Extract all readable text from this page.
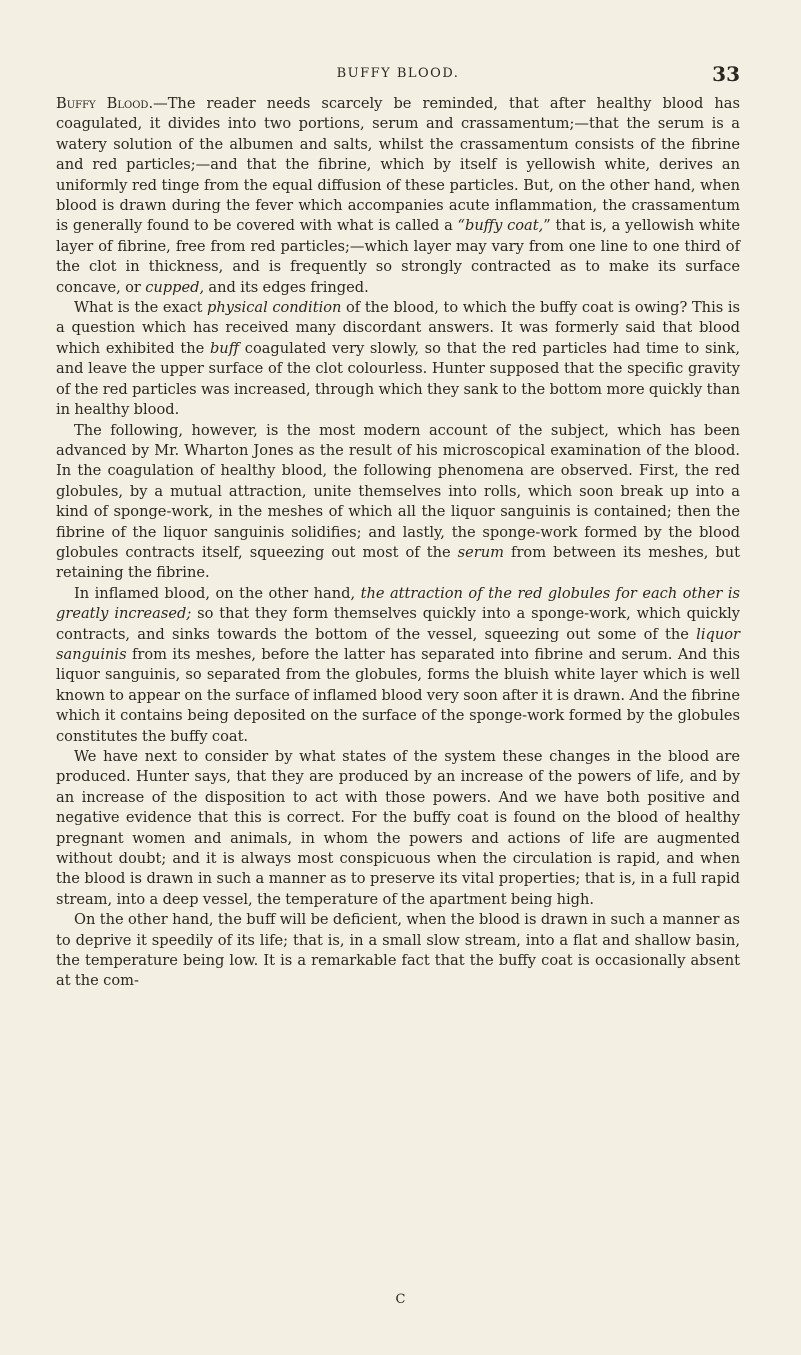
BUFFY BLOOD.	33

Buffy Blood.—The reader needs scarcely be reminded, that after healthy blood has coagulated, it divides into two portions, serum and crassamentum;—that the serum is a watery solution of the albumen and salts, whilst the crassamentum consists of the fibrine and red particles;—and that the fibrine, which by itself is yellowish white, derives an uniformly red tinge from the equal diffusion of these particles. But, on the other hand, when blood is drawn during the fever which accompanies acute inflammation, the crassamentum is generally found to be covered with what is called a “buffy coat,” that is, a yellowish white layer of fibrine, free from red particles;—which layer may vary from one line to one third of the clot in thickness, and is frequently so strongly contracted as to make its surface concave, or cupped, and its edges fringed.

What is the exact physical condition of the blood, to which the buffy coat is owing? This is a question which has received many discordant answers. It was formerly said that blood which exhibited the buff coagulated very slowly, so that the red particles had time to sink, and leave the upper surface of the clot colourless. Hunter supposed that the specific gravity of the red particles was increased, through which they sank to the bottom more quickly than in healthy blood.

The following, however, is the most modern account of the subject, which has been advanced by Mr. Wharton Jones as the result of his microscopical examination of the blood. In the coagulation of healthy blood, the following phenomena are observed. First, the red globules, by a mutual attraction, unite themselves into rolls, which soon break up into a kind of sponge-work, in the meshes of which all the liquor sanguinis is contained; then the fibrine of the liquor sanguinis solidifies; and lastly, the sponge-work formed by the blood globules contracts itself, squeezing out most of the serum from between its meshes, but retaining the fibrine.

In inflamed blood, on the other hand, the attraction of the red globules for each other is greatly increased; so that they form themselves quickly into a sponge-work, which quickly contracts, and sinks towards the bottom of the vessel, squeezing out some of the liquor sanguinis from its meshes, before the latter has separated into fibrine and serum. And this liquor sanguinis, so separated from the globules, forms the bluish white layer which is well known to appear on the surface of inflamed blood very soon after it is drawn. And the fibrine which it contains being deposited on the surface of the sponge-work formed by the globules constitutes the buffy coat.

We have next to consider by what states of the system these changes in the blood are produced. Hunter says, that they are produced by an increase of the powers of life, and by an increase of the disposition to act with those powers. And we have both positive and negative evidence that this is correct. For the buffy coat is found on the blood of healthy pregnant women and animals, in whom the powers and actions of life are augmented without doubt; and it is always most conspicuous when the circulation is rapid, and when the blood is drawn in such a manner as to preserve its vital properties; that is, in a full rapid stream, into a deep vessel, the temperature of the apartment being high.

On the other hand, the buff will be deficient, when the blood is drawn in such a manner as to deprive it speedily of its life; that is, in a small slow stream, into a flat and shallow basin, the temperature being low. It is a remarkable fact that the buffy coat is occasionally absent at the com-

C
